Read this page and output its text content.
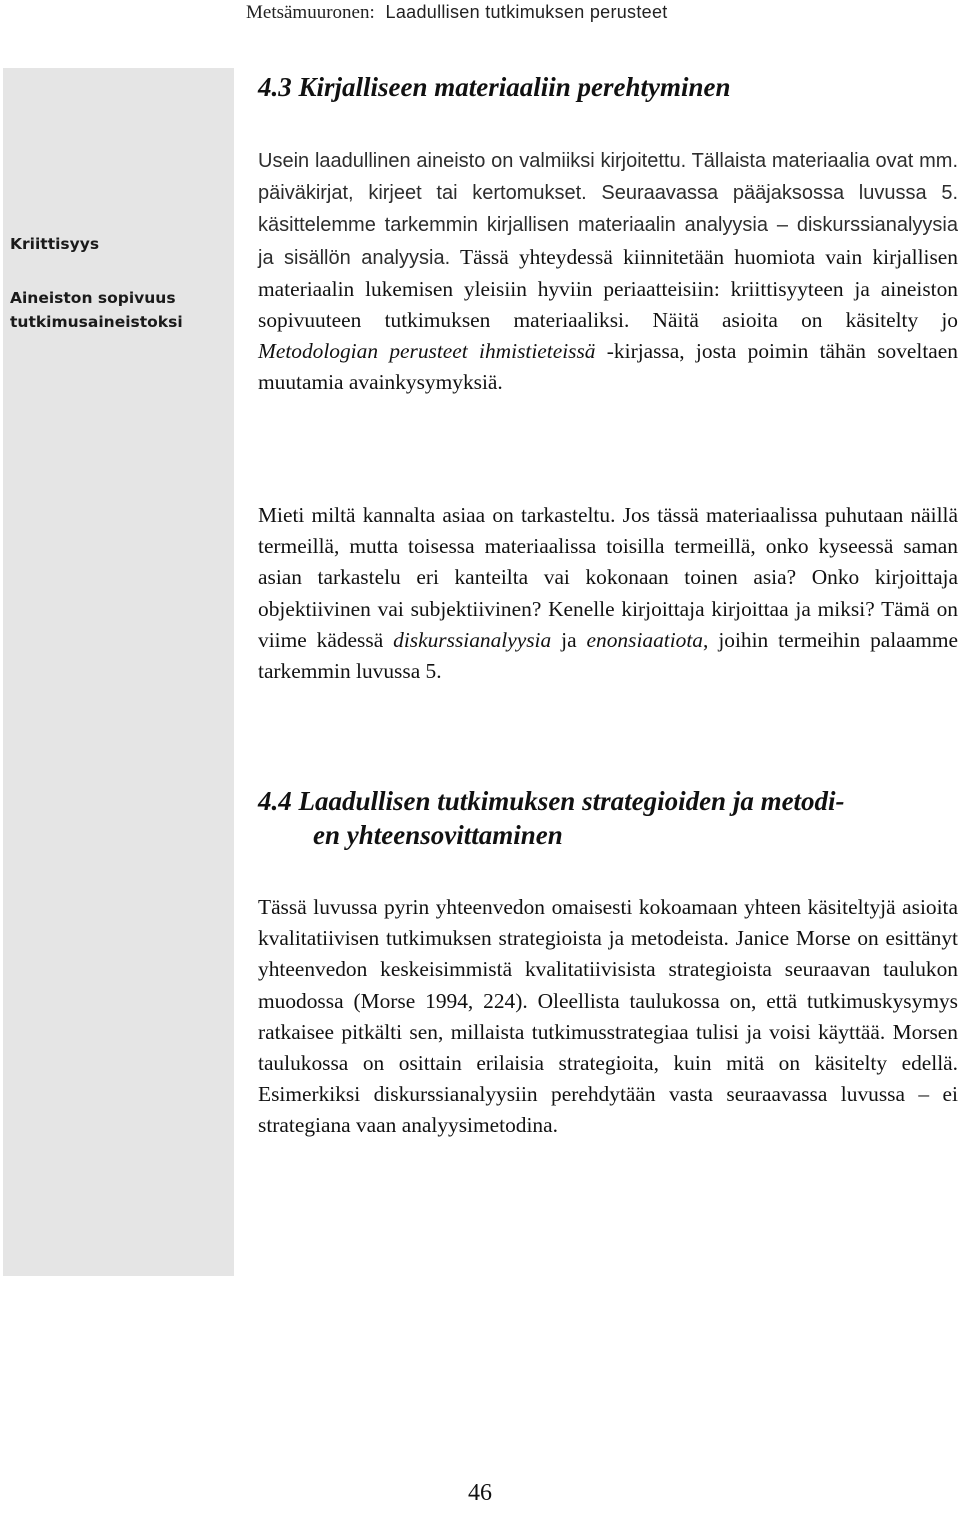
Metsämuuronen: Laadullisen tutkimuksen perusteet
Kriittisyys
Aineiston sopivuus
tutkimusaineistoksi
4.3 Kirjalliseen materiaaliin perehtyminen

Usein laadullinen aineisto on valmiiksi kirjoitettu. Tällaista materiaalia ovat mm. päiväkirjat, kirjeet tai kertomukset. Seuraavassa pääjaksossa luvussa 5. käsittelemme tarkemmin kirjallisen materiaalin analyysia – diskurssianalyysia ja sisällön analyysia. Tässä yhteydessä kiinnitetään huomiota vain kirjallisen materiaalin lukemisen yleisiin hyviin periaatteisiin: kriittisyyteen ja aineiston sopivuuteen tutkimuksen materiaaliksi. Näitä asioita on käsitelty jo Metodologian perusteet ihmistieteissä -kirjassa, josta poimin tähän soveltaen muutamia avainkysymyksiä.

Mieti miltä kannalta asiaa on tarkasteltu. Jos tässä materiaalissa puhutaan näillä termeillä, mutta toisessa materiaalissa toisilla termeillä, onko kyseessä saman asian tarkastelu eri kanteilta vai kokonaan toinen asia? Onko kirjoittaja objektiivinen vai subjektiivinen? Kenelle kirjoittaja kirjoittaa ja miksi? Tämä on viime kädessä diskurssianalyysia ja enonsiaatiota, joihin termeihin palaamme tarkemmin luvussa 5.

4.4 Laadullisen tutkimuksen strategioiden ja metodi-
en yhteensovittaminen

Tässä luvussa pyrin yhteenvedon omaisesti kokoamaan yhteen käsiteltyjä asioita kvalitatiivisen tutkimuksen strategioista ja metodeista. Janice Morse on esittänyt yhteenvedon keskeisimmistä kvalitatiivisista strategioista seuraavan taulukon muodossa (Morse 1994, 224). Oleellista taulukossa on, että tutkimuskysymys ratkaisee pitkälti sen, millaista tutkimusstrategiaa tulisi ja voisi käyttää. Morsen taulukossa on osittain erilaisia strategioita, kuin mitä on käsitelty edellä. Esimerkiksi diskurssianalyysiin perehdytään vasta seuraavassa luvussa – ei strategiana vaan analyysimetodina.

46
